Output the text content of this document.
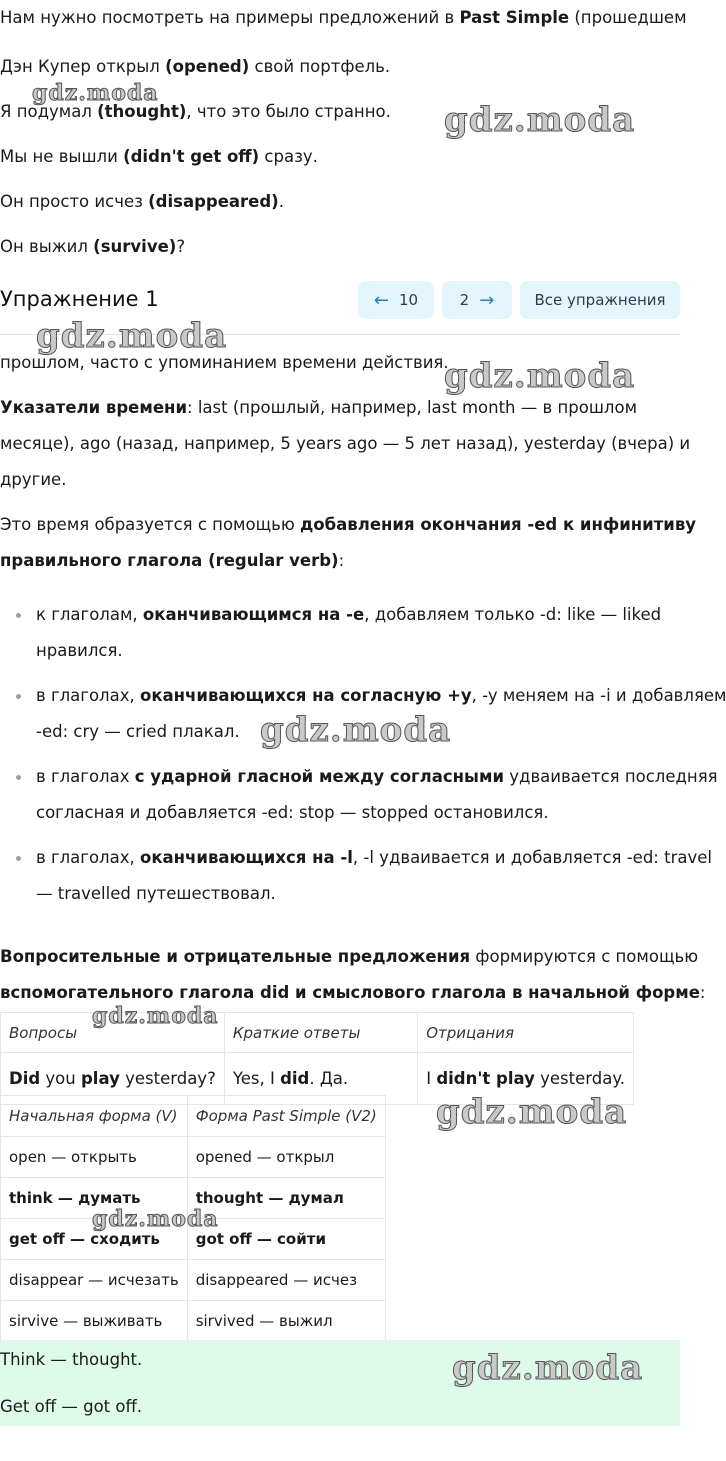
Нам нужно посмотреть на примеры предложений в Past Simple (прошедшем
Дэн Купер открыл (opened) свой портфель.
Я подумал (thought), что это было странно.
Мы не вышли (didn't get off) сразу.
Он просто исчез (disappeared).
Он выжил (survive)?
Упражнение 1	← 10	2 →	Все упражнения
прошлом, часто с упоминанием времени действия.
Указатели времени: last (прошлый, например, last month — в прошлом
месяце), ago (назад, например, 5 years ago — 5 лет назад), yesterday (вчера) и
другие.
Это время образуется с помощью добавления окончания -ed к инфинитиву
правильного глагола (regular verb):
к глаголам, оканчивающимся на -e, добавляем только -d: like — liked
нравился.
в глаголах, оканчивающихся на согласную +y, -y меняем на -i и добавляем
-ed: cry — cried плакал.
в глаголах с ударной гласной между согласными удваивается последняя
согласная и добавляется -ed: stop — stopped остановился.
в глаголах, оканчивающихся на -l, -l удваивается и добавляется -ed: travel
— travelled путешествовал.
Вопросительные и отрицательные предложения формируются с помощью
вспомогательного глагола did и смыслового глагола в начальной форме:
Вопросы	Краткие ответы	Отрицания
Did you play yesterday?	Yes, I did. Да.	I didn't play yesterday.
Начальная форма (V)	Форма Past Simple (V2)
open — открыть	opened — открыл
think — думать	thought — думал
get off — сходить	got off — сойти
disappear — исчезать	disappeared — исчез
sirvive — выживать	sirvived — выжил
Think — thought.
Get off — got off.
gdz.moda
gdz.moda
gdz.moda
gdz.moda
gdz.moda
gdz.moda
gdz.moda
gdz.moda
gdz.moda
